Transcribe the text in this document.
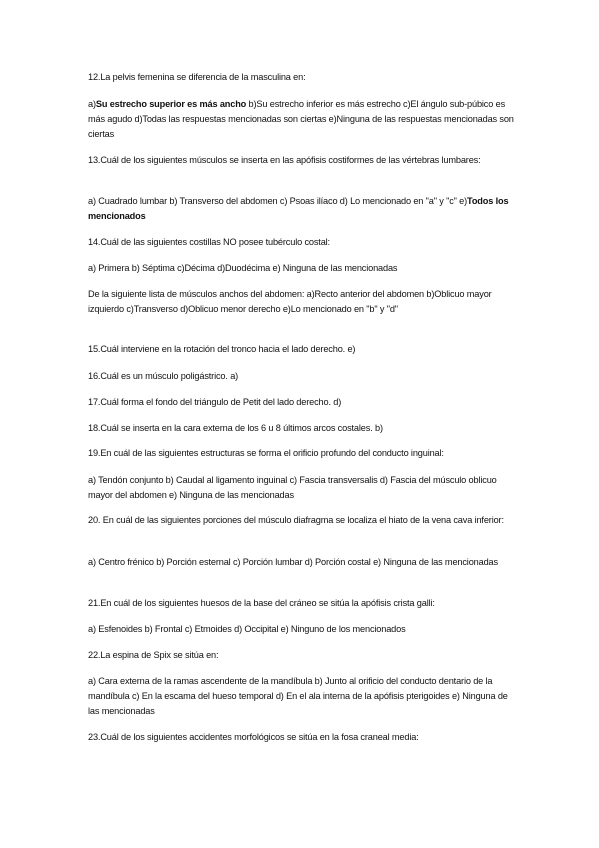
12.La pelvis femenina se diferencia de la masculina en:
a)Su estrecho superior es más ancho b)Su estrecho inferior es más estrecho c)El ángulo sub-púbico es más agudo d)Todas las respuestas mencionadas son ciertas e)Ninguna de las respuestas mencionadas son ciertas
13.Cuál de los siguientes músculos se inserta en las apófisis costiformes de las vértebras lumbares:
a) Cuadrado lumbar b) Transverso del abdomen c) Psoas ilíaco d) Lo mencionado en "a" y "c" e)Todos los mencionados
14.Cuál de las siguientes costillas NO posee tubérculo costal:
a) Primera b) Séptima c)Décima d)Duodécima e) Ninguna de las mencionadas
De la siguiente lista de músculos anchos del abdomen: a)Recto anterior del abdomen b)Oblicuo mayor izquierdo c)Transverso d)Oblicuo menor derecho e)Lo mencionado en "b" y "d"
15.Cuál interviene en la rotación del tronco hacia el lado derecho. e)
16.Cuál es un músculo poligástrico. a)
17.Cuál forma el fondo del triángulo de Petit del lado derecho. d)
18.Cuál se inserta en la cara externa de los 6 u 8 últimos arcos costales. b)
19.En cuál de las siguientes estructuras se forma el orificio profundo del conducto inguinal:
a) Tendón conjunto b) Caudal al ligamento inguinal c) Fascia transversalis d) Fascia del músculo oblicuo mayor del abdomen e) Ninguna de las mencionadas
20. En cuál de las siguientes porciones del músculo diafragma se localiza el hiato de la vena cava inferior:
a) Centro frénico b) Porción esternal c) Porción lumbar d) Porción costal e) Ninguna de las mencionadas
21.En cuál de los siguientes huesos de la base del cráneo se sitúa la apófisis crista galli:
a) Esfenoides b) Frontal c) Etmoides d) Occipital e) Ninguno de los mencionados
22.La espina de Spix se sitúa en:
a) Cara externa de la ramas ascendente de la mandíbula b) Junto al orificio del conducto dentario de la mandíbula c) En la escama del hueso temporal d) En el ala interna de la apófisis pterigoides e) Ninguna de las mencionadas
23.Cuál de los siguientes accidentes morfológicos se sitúa en la fosa craneal media:
